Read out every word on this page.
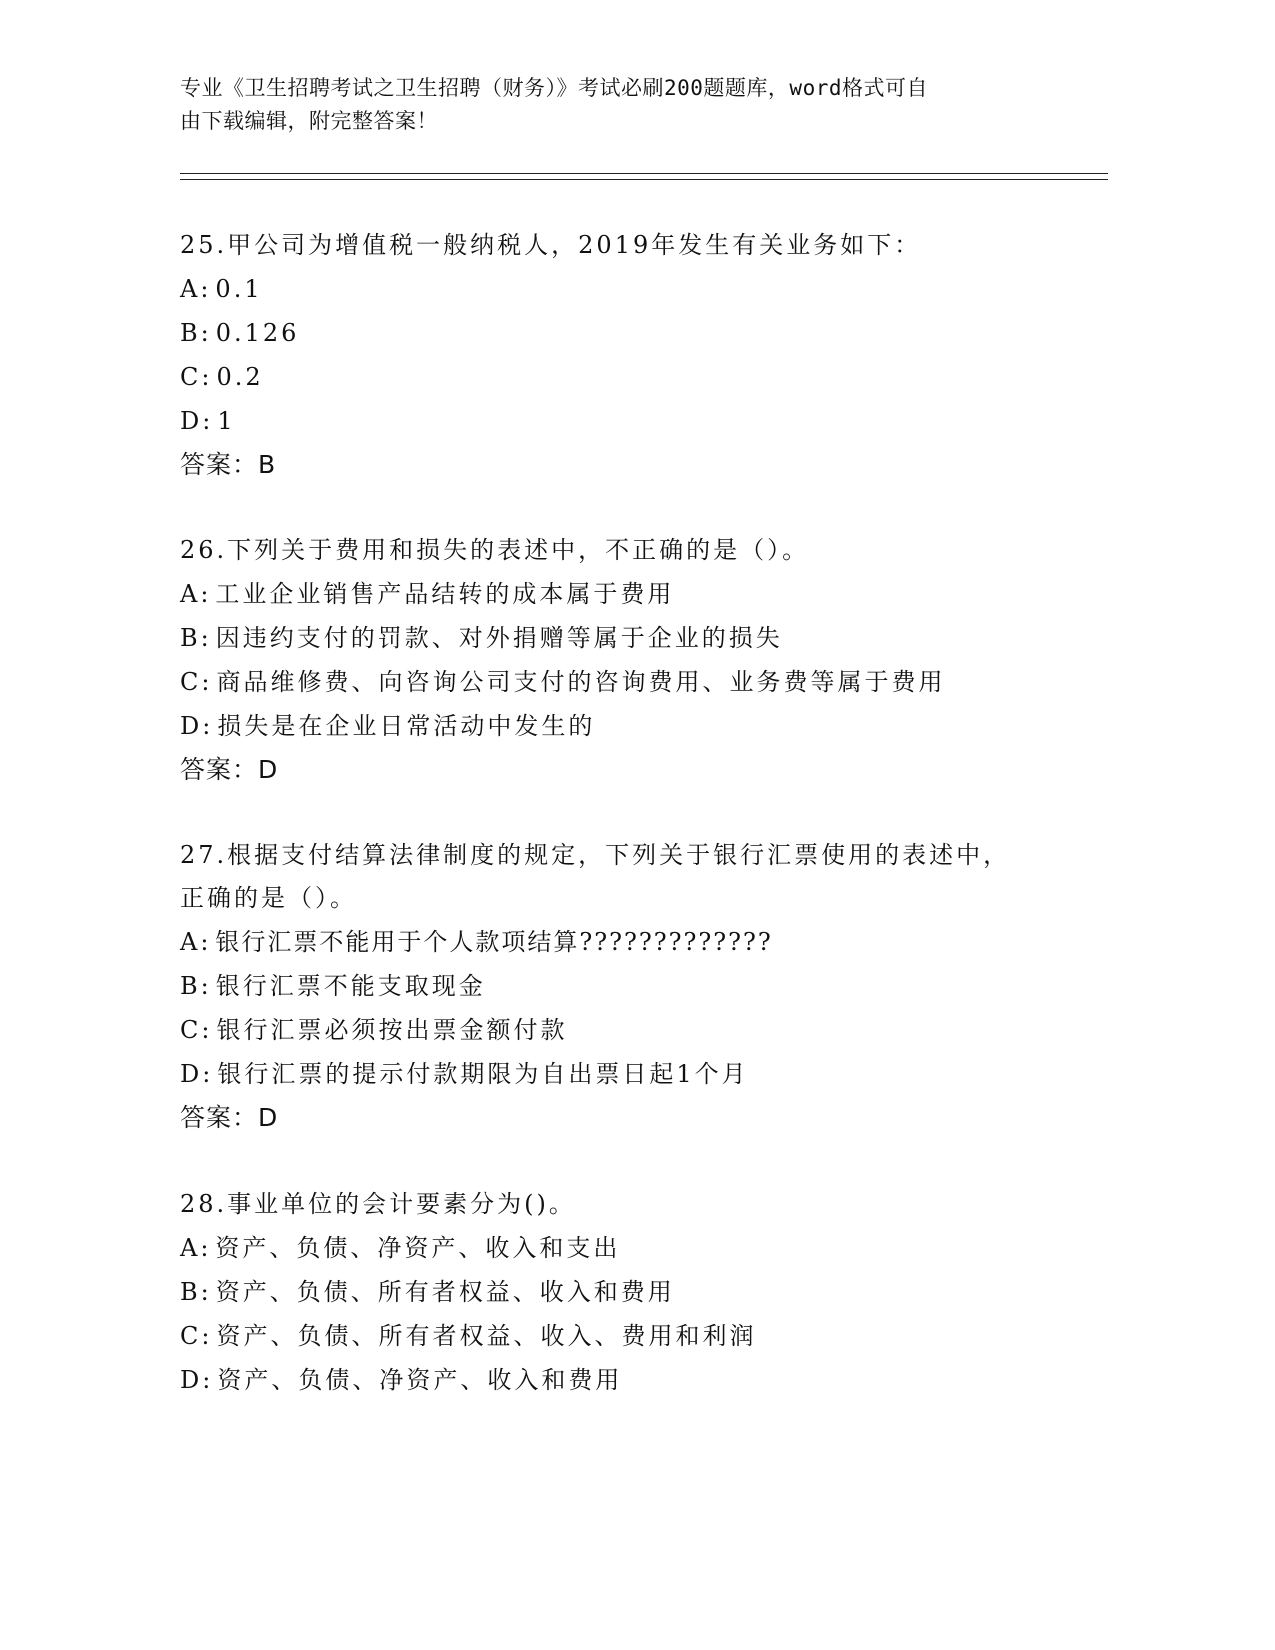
专业《卫生招聘考试之卫生招聘（财务）》考试必刷200题题库，word格式可自
由下载编辑，附完整答案！
25.甲公司为增值税一般纳税人，2019年发生有关业务如下：
A: 0.1
B: 0.126
C: 0.2
D: 1
答案：B
26.下列关于费用和损失的表述中，不正确的是（）。
A: 工业企业销售产品结转的成本属于费用
B: 因违约支付的罚款、对外捐赠等属于企业的损失
C: 商品维修费、向咨询公司支付的咨询费用、业务费等属于费用
D: 损失是在企业日常活动中发生的
答案：D
27.根据支付结算法律制度的规定，下列关于银行汇票使用的表述中，
正确的是（）。
A: 银行汇票不能用于个人款项结算?????????????
B: 银行汇票不能支取现金
C: 银行汇票必须按出票金额付款
D: 银行汇票的提示付款期限为自出票日起1个月
答案：D
28.事业单位的会计要素分为()。
A: 资产、负债、净资产、收入和支出
B: 资产、负债、所有者权益、收入和费用
C: 资产、负债、所有者权益、收入、费用和利润
D: 资产、负债、净资产、收入和费用
